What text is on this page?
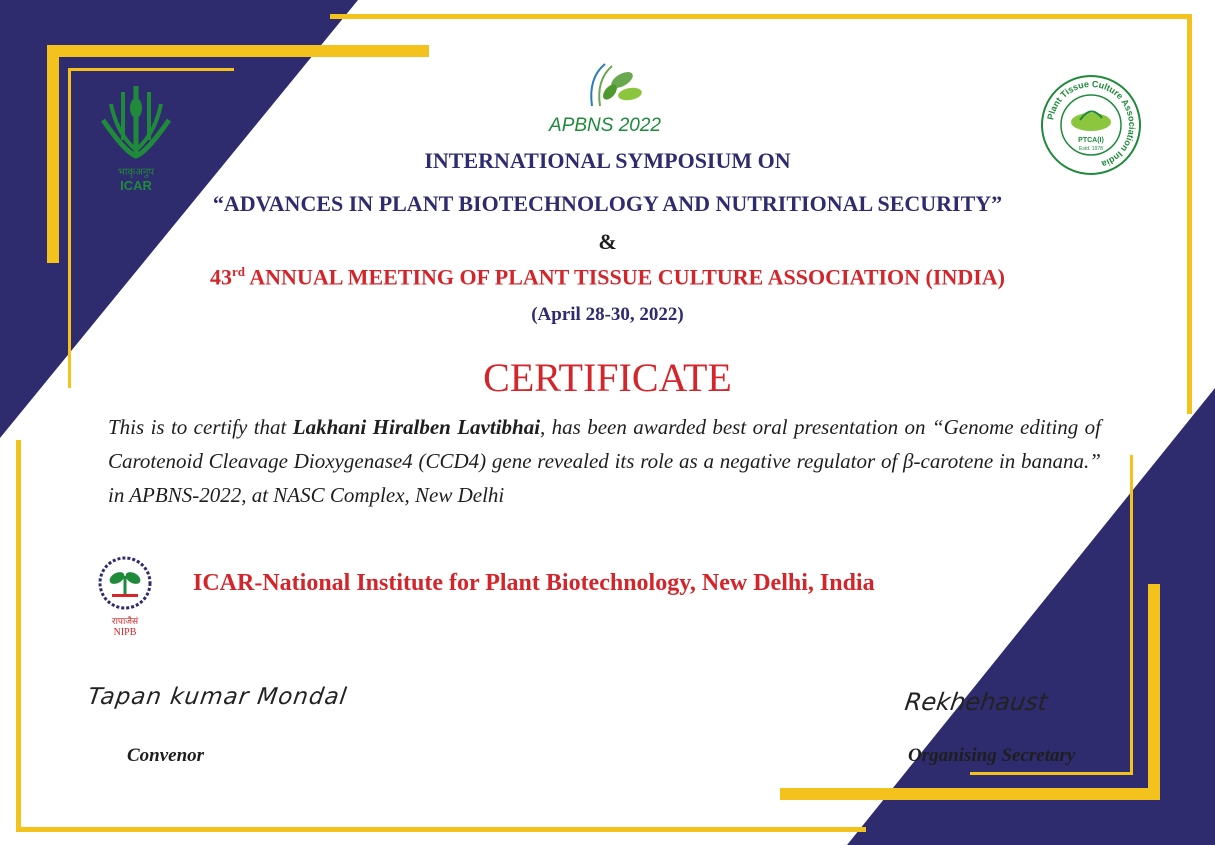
भाकृअनुप
ICAR
APBNS 2022	Plant Tissue Culture Association India
PTCA(I)
Estd. 1978
INTERNATIONAL SYMPOSIUM ON
“ADVANCES IN PLANT BIOTECHNOLOGY AND NUTRITIONAL SECURITY”
&
43rd ANNUAL MEETING OF PLANT TISSUE CULTURE ASSOCIATION (INDIA)
(April 28-30, 2022)
CERTIFICATE
This is to certify that Lakhani Hiralben Lavtibhai, has been awarded best oral presentation on “Genome editing of Carotenoid Cleavage Dioxygenase4 (CCD4) gene revealed its role as a negative regulator of β-carotene in banana.” in APBNS-2022, at NASC Complex, New Delhi
रापाजैसं
NIPB
ICAR-National Institute for Plant Biotechnology, New Delhi, India
Tapan kumar Mondal
Convenor
Rekhehaust
Organising Secretary
